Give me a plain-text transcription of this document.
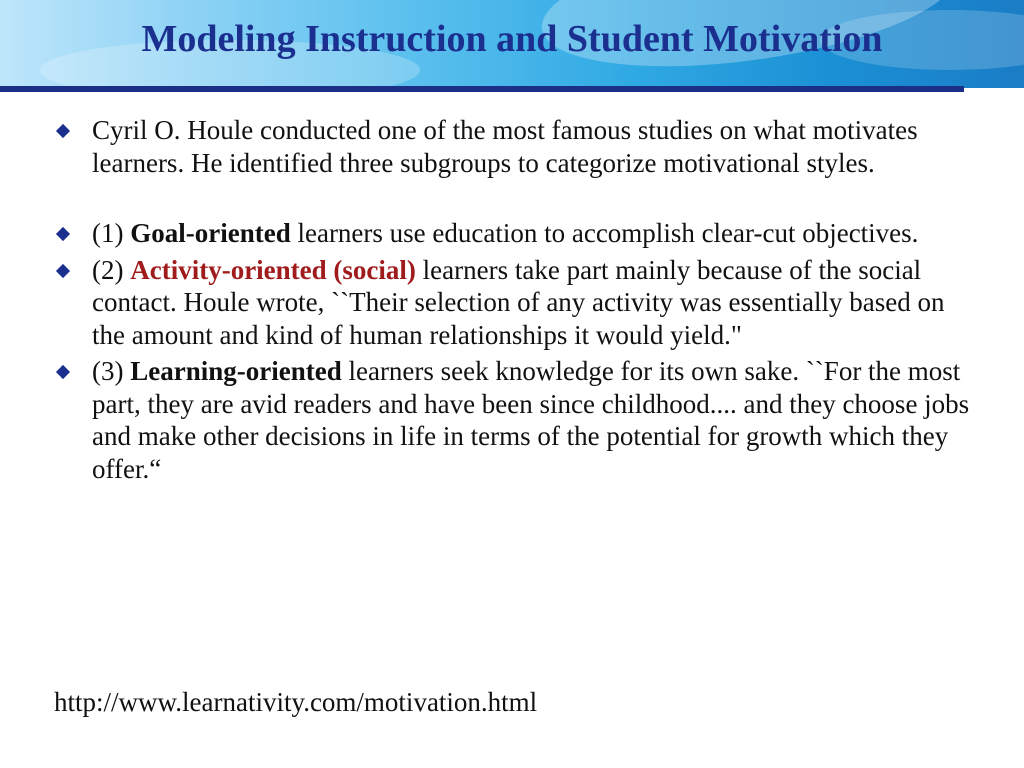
Modeling Instruction and Student Motivation
Cyril O. Houle conducted one of the most famous studies on what motivates learners. He identified three subgroups to categorize motivational styles.
(1) Goal-oriented learners use education to accomplish clear-cut objectives.
(2) Activity-oriented (social) learners take part mainly because of the social contact. Houle wrote, ``Their selection of any activity was essentially based on the amount and kind of human relationships it would yield."
(3) Learning-oriented learners seek knowledge for its own sake. ``For the most part, they are avid readers and have been since childhood.... and they choose jobs and make other decisions in life in terms of the potential for growth which they offer.“
http://www.learnativity.com/motivation.html
